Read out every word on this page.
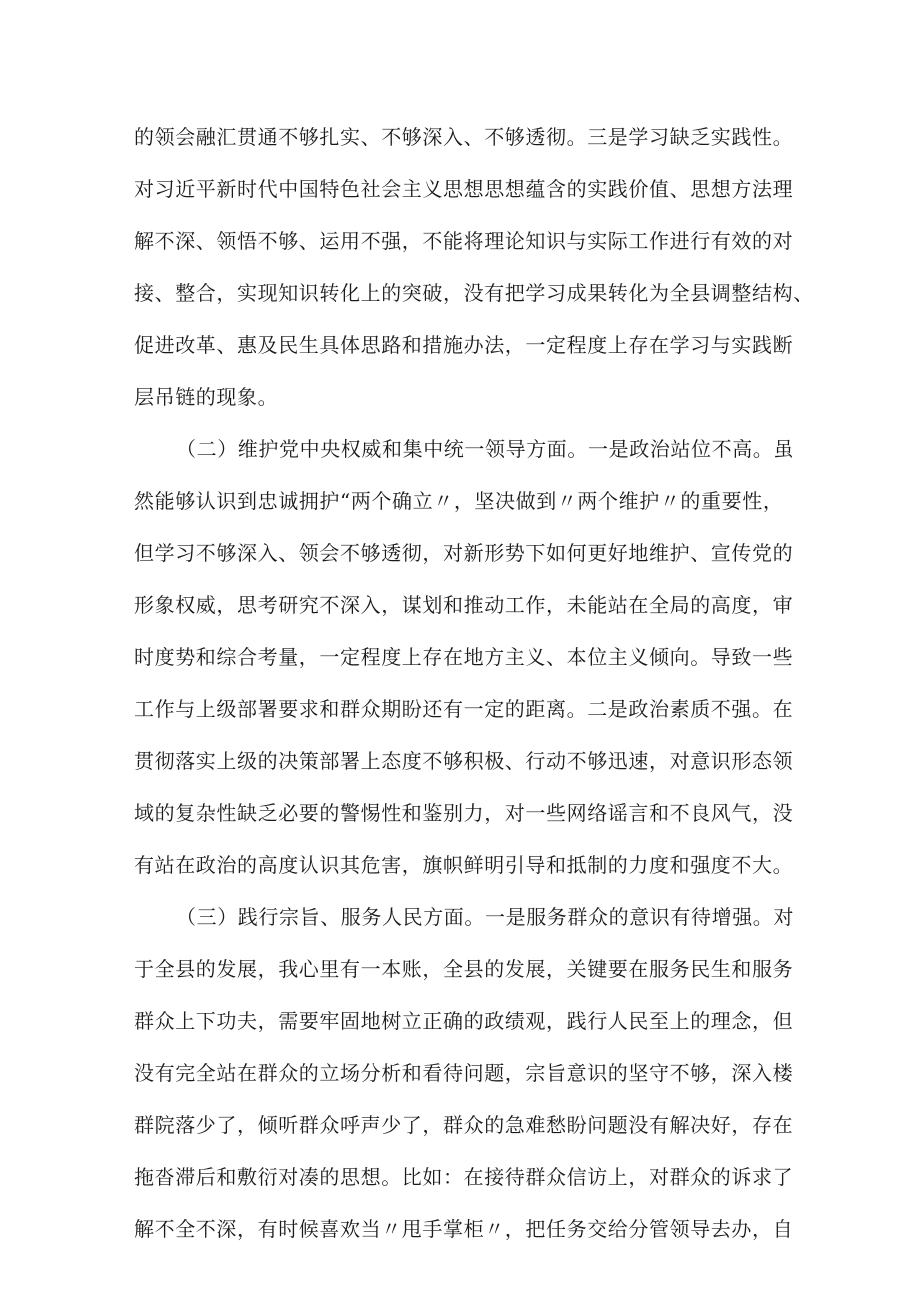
的领会融汇贯通不够扎实、不够深入、不够透彻。三是学习缺乏实践性。
对习近平新时代中国特色社会主义思想思想蕴含的实践价值、思想方法理
解不深、领悟不够、运用不强，不能将理论知识与实际工作进行有效的对
接、整合，实现知识转化上的突破，没有把学习成果转化为全县调整结构、
促进改革、惠及民生具体思路和措施办法，一定程度上存在学习与实践断
层吊链的现象。
（二）维护党中央权威和集中统一领导方面。一是政治站位不高。虽
然能够认识到忠诚拥护“两个确立〃，坚决做到〃两个维护〃的重要性，
但学习不够深入、领会不够透彻，对新形势下如何更好地维护、宣传党的
形象权威，思考研究不深入，谋划和推动工作，未能站在全局的高度，审
时度势和综合考量，一定程度上存在地方主义、本位主义倾向。导致一些
工作与上级部署要求和群众期盼还有一定的距离。二是政治素质不强。在
贯彻落实上级的决策部署上态度不够积极、行动不够迅速，对意识形态领
域的复杂性缺乏必要的警惕性和鉴别力，对一些网络谣言和不良风气，没
有站在政治的高度认识其危害，旗帜鲜明引导和抵制的力度和强度不大。
（三）践行宗旨、服务人民方面。一是服务群众的意识有待增强。对
于全县的发展，我心里有一本账，全县的发展，关键要在服务民生和服务
群众上下功夫，需要牢固地树立正确的政绩观，践行人民至上的理念，但
没有完全站在群众的立场分析和看待问题，宗旨意识的坚守不够，深入楼
群院落少了，倾听群众呼声少了，群众的急难愁盼问题没有解决好，存在
拖沓滞后和敷衍对凑的思想。比如：在接待群众信访上，对群众的诉求了
解不全不深，有时候喜欢当〃甩手掌柜〃，把任务交给分管领导去办，自
